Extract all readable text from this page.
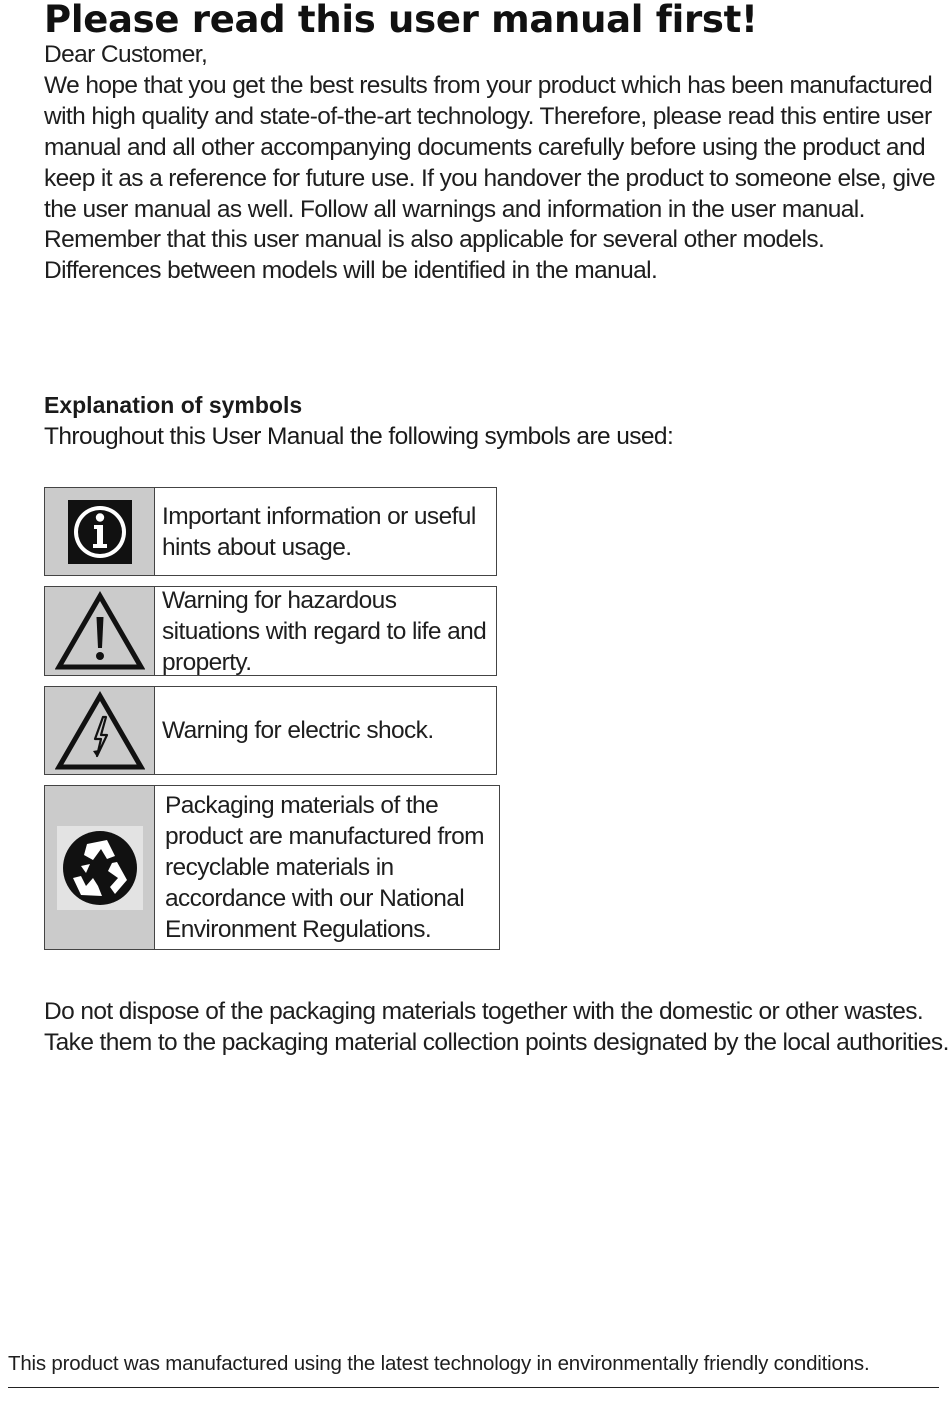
Please read this user manual first!

Dear Customer,

We hope that you get the best results from your product which has been manufactured with high quality and state-of-the-art technology. Therefore, please read this entire user manual and all other accompanying documents carefully before using the product and keep it as a reference for future use. If you handover the product to someone else, give the user manual as well. Follow all warnings and information in the user manual.

Remember that this user manual is also applicable for several other models. Differences between models will be identified in the manual.

Explanation of symbols
Throughout this User Manual the following symbols are used:
Important information or useful hints about usage.
Warning for hazardous situations with regard to life and property.
Warning for electric shock.
Packaging materials of the product are manufactured from recyclable materials in accordance with our National Environment Regulations.

Do not dispose of the packaging materials together with the domestic or other wastes.

Take them to the packaging material collection points designated by the local authorities.

This product was manufactured using the latest technology in environmentally friendly conditions.
